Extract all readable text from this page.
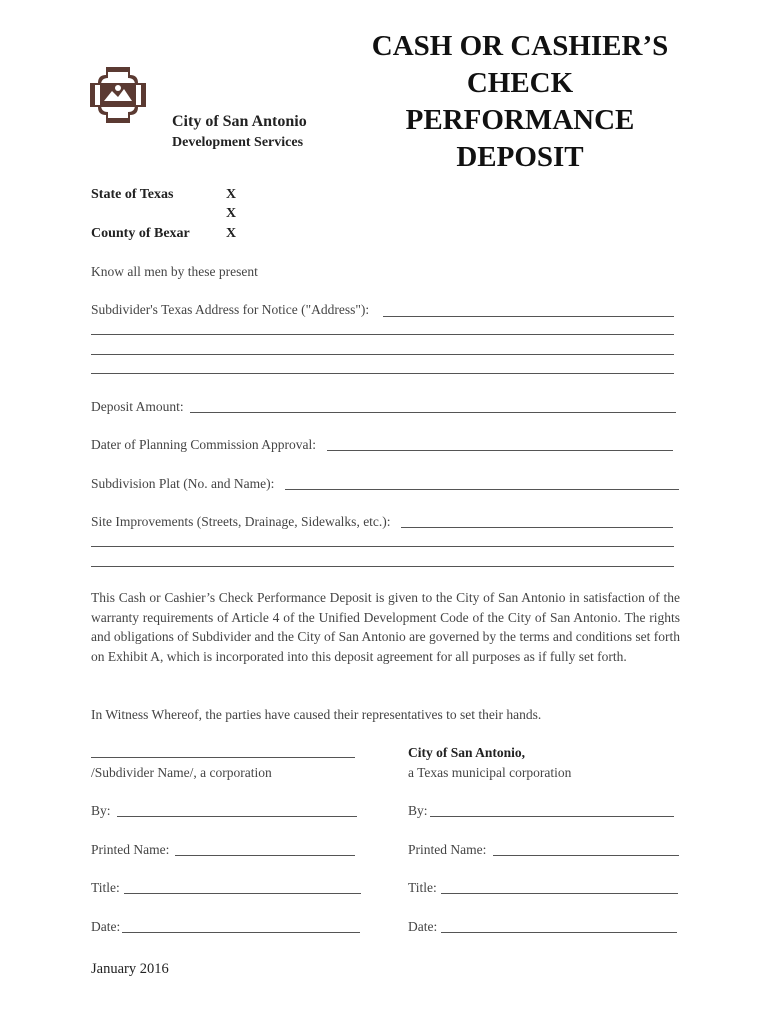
City of San Antonio
Development Services
CASH OR CASHIER’S
CHECK
PERFORMANCE
DEPOSIT
State of Texas
County of Bexar
X
X
X
Know all men by these present
Subdivider's Texas Address for Notice ("Address"):
Deposit Amount:
Dater of Planning Commission Approval:
Subdivision Plat (No. and Name):
Site Improvements (Streets, Drainage, Sidewalks, etc.):
This Cash or Cashier’s Check Performance Deposit is given to the City of San Antonio in satisfaction of the warranty requirements of Article 4 of the Unified Development Code of the City of San Antonio. The rights and obligations of Subdivider and the City of San Antonio are governed by the terms and conditions set forth on Exhibit A, which is incorporated into this deposit agreement for all purposes as if fully set forth.
In Witness Whereof, the parties have caused their representatives to set their hands.
/Subdivider Name/, a corporation
By:
Printed Name:
Title:
Date:
City of San Antonio,
a Texas municipal corporation
By:
Printed Name:
Title:
Date:
January 2016
